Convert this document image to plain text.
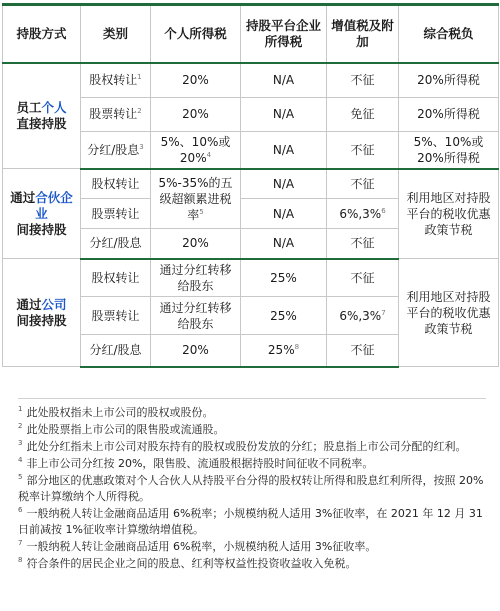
持股方式	类别	个人所得税	持股平台企业所得税	增值税及附加	综合税负
员工个人
直接持股	股权转让$^1$	20%	N/A	不征	20%所得税
	股票转让$^2$	20%	N/A	免征	20%所得税
	分红/股息$^3$	5%、10%或20%$^4$	N/A	不征	5%、10%或 20%所得税
通过合伙企业
间接持股	股权转让	5%-35%的五级超额累进税率$^5$	N/A	不征	利用地区对持股平台的税收优惠政策节税
	股票转让		N/A	6%,3%$^6$
	分红/股息	20%	N/A	不征	
通过公司
间接持股	股权转让	通过分红转移给股东	25%	不征	利用地区对持股平台的税收优惠政策节税
	股票转让	通过分红转移给股东	25%	6%,3%$^7$
	分红/股息	20%	25%$^8$	不征	
$^1$ 此处股权指未上市公司的股权或股份。
$^2$ 此处股票指上市公司的限售股或流通股。
$^3$ 此处分红指未上市公司对股东持有的股权或股份发放的分红；股息指上市公司分配的红利。
$^4$ 非上市公司分红按 20%，限售股、流通股根据持股时间征收不同税率。
$^5$ 部分地区的优惠政策对个人合伙人从持股平台分得的股权转让所得和股息红利所得，按照 20%税率计算缴纳个人所得税。
$^6$ 一般纳税人转让金融商品适用 6%税率；小规模纳税人适用 3%征收率，在 2021 年 12 月 31 日前减按 1%征收率计算缴纳增值税。
$^7$ 一般纳税人转让金融商品适用 6%税率，小规模纳税人适用 3%征收率。
$^8$ 符合条件的居民企业之间的股息、红利等权益性投资收益收入免税。
